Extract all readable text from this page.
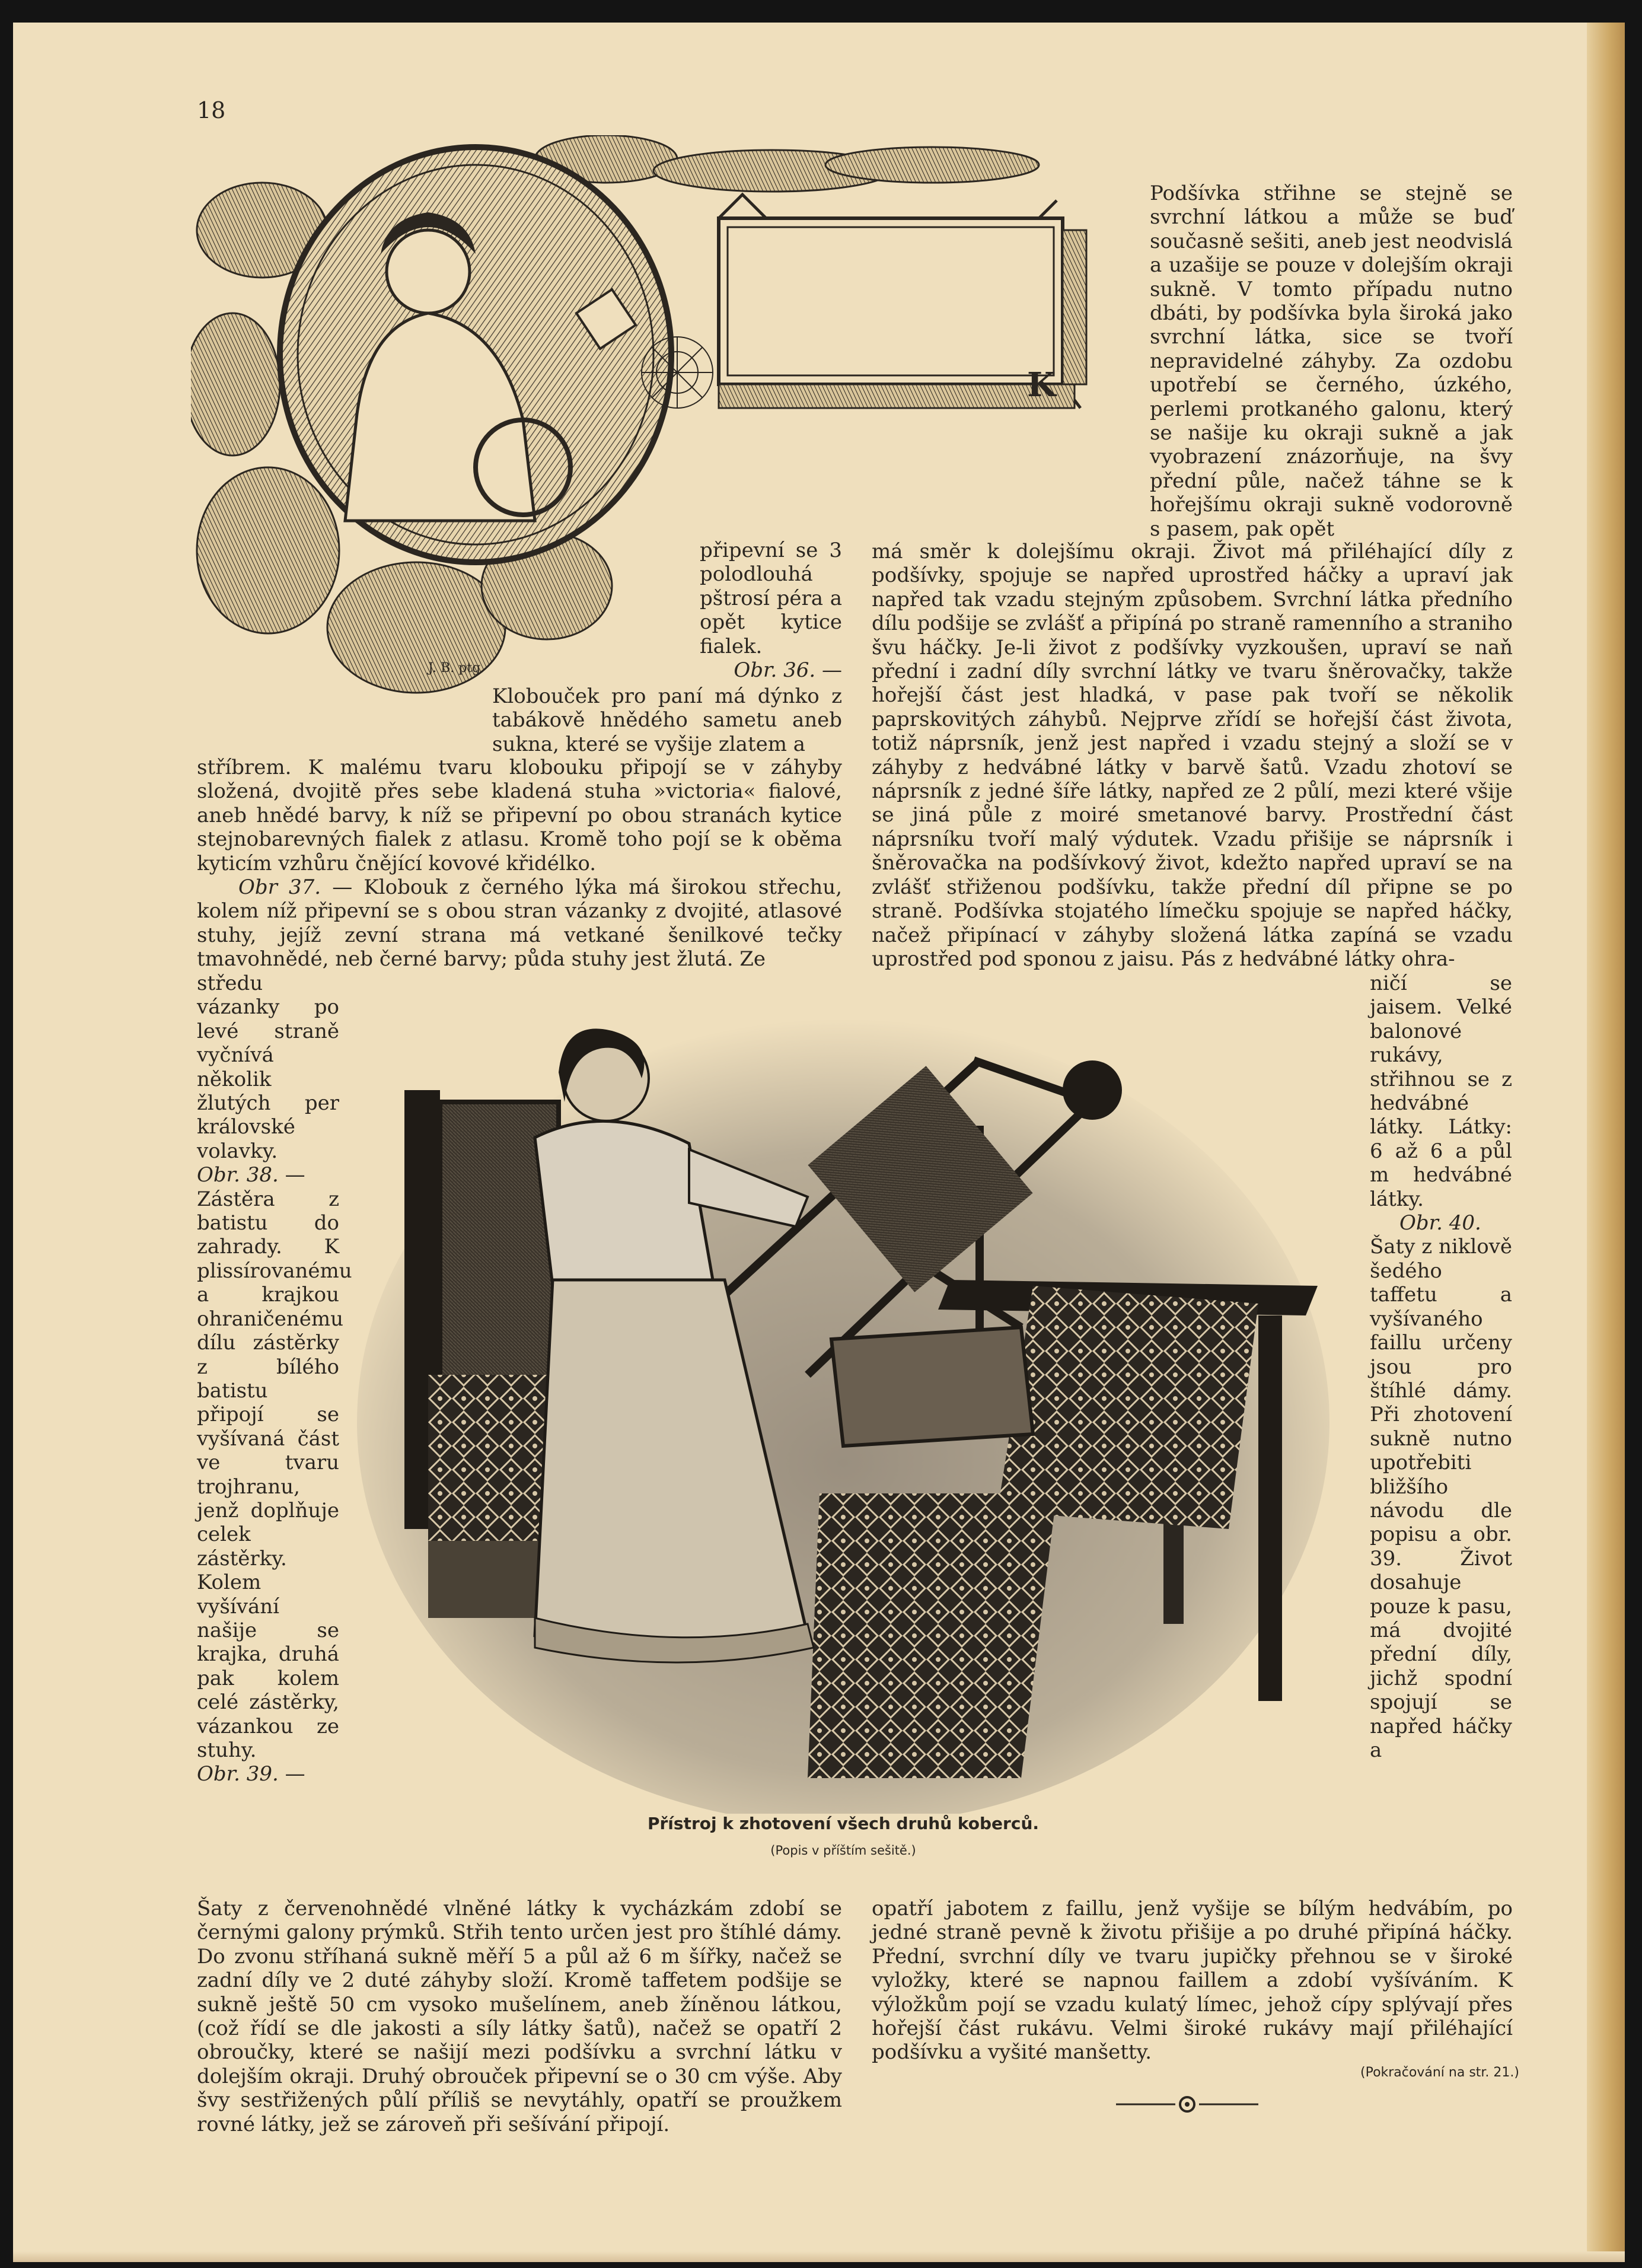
18
K
J. B. ptg

Podšívka střihne se stejně se svrchní látkou a může se buď současně sešiti, aneb jest neodvislá a uzašije se pouze v dolejším okraji sukně. V tomto případu nutno dbáti, by podšívka byla široká jako svrchní látka, sice se tvoří nepravidelné záhyby. Za ozdobu upotřebí se černého, úzkého, perlemi protkaného galonu, který se našije ku okraji sukně a jak vyobrazení znázorňuje, na švy přední půle, načež táhne se k hořejšímu okraji sukně vodorovně s pasem, pak opět

připevní se 3 polodlouhá pštrosí péra a opět kytice fialek.

Obr. 36. —

Klobouček pro paní má dýnko z tabákově hnědého sametu aneb sukna, které se vyšije zlatem a

má směr k dolejšímu okraji. Život má přiléhající díly z podšívky, spojuje se napřed uprostřed háčky a upraví jak napřed tak vzadu stejným způsobem. Svrchní látka předního dílu podšije se zvlášť a připíná po straně ramenního a straniho švu háčky. Je-li život z podšívky vyzkoušen, upraví se naň přední i zadní díly svrchní látky ve tvaru šněrovačky, takže hořejší část jest hladká, v pase pak tvoří se několik paprskovitých záhybů. Nejprve zřídí se hořejší část života, totiž náprsník, jenž jest napřed i vzadu stejný a složí se v záhyby z hedvábné látky v barvě šatů. Vzadu zhotoví se náprsník z jedné šíře látky, napřed ze 2 půlí, mezi které všije se jiná půle z moiré smetanové barvy. Prostřední část náprsníku tvoří malý výdutek. Vzadu přišije se náprsník i šněrovačka na podšívkový život, kdežto napřed upraví se na zvlášť střiženou podšívku, takže přední díl připne se po straně. Podšívka stojatého límečku spojuje se napřed háčky, načež připínací v záhyby složená látka zapíná se vzadu uprostřed pod sponou z jaisu. Pás z hedvábné látky ohra-

stříbrem. K malému tvaru klobouku připojí se v záhyby složená, dvojitě přes sebe kladená stuha »victoria« fialové, aneb hnědé barvy, k níž se připevní po obou stranách kytice stejnobarevných fialek z atlasu. Kromě toho pojí se k oběma kyticím vzhůru čnějící kovové křidélko.

Obr 37. — Klobouk z černého lýka má širokou střechu, kolem níž připevní se s obou stran vázanky z dvojité, atlasové stuhy, jejíž zevní strana má vetkané šenilkové tečky tmavohnědé, neb černé barvy; půda stuhy jest žlutá. Ze

středu vázanky po levé straně vyčnívá několik žlutých per královské volavky.

Obr. 38. —

Zástěra z batistu do zahrady. K plissírovanému a krajkou ohraničenému dílu zástěrky z bílého batistu připojí se vyšívaná část ve tvaru trojhranu, jenž doplňuje celek zástěrky. Kolem vyšívání našije se krajka, druhá pak kolem celé zástěrky, vázankou ze stuhy.

Obr. 39. —

ničí se jaisem. Velké balonové rukávy, střihnou se z hedvábné látky. Látky: 6 až 6 a půl m hedvábné látky.

Obr. 40.

Šaty z niklově šedého taffetu a vyšívaného faillu určeny jsou pro štíhlé dámy. Při zhotovení sukně nutno upotřebiti bližšího návodu dle popisu a obr. 39. Život dosahuje pouze k pasu, má dvojité přední díly, jichž spodní spojují se napřed háčky a

Přístroj k zhotovení všech druhů koberců.
(Popis v příštím sešitě.)

Šaty z červenohnědé vlněné látky k vycházkám zdobí se černými galony prýmků. Střih tento určen jest pro štíhlé dámy. Do zvonu stříhaná sukně měří 5 a půl až 6 m šířky, načež se zadní díly ve 2 duté záhyby složí. Kromě taffetem podšije se sukně ještě 50 cm vysoko mušelínem, aneb žíněnou látkou, (což řídí se dle jakosti a síly látky šatů), načež se opatří 2 obroučky, které se našijí mezi podšívku a svrchní látku v dolejším okraji. Druhý obrouček připevní se o 30 cm výše. Aby švy sestřižených půlí příliš se nevytáhly, opatří se proužkem rovné látky, jež se zároveň při sešívání připojí.

opatří jabotem z faillu, jenž vyšije se bílým hedvábím, po jedné straně pevně k životu přišije a po druhé připíná háčky. Přední, svrchní díly ve tvaru jupičky přehnou se v široké vyložky, které se napnou faillem a zdobí vyšíváním. K výložkům pojí se vzadu kulatý límec, jehož cípy splývají přes hořejší část rukávu. Velmi široké rukávy mají přiléhající podšívku a vyšité manšetty.

(Pokračování na str. 21.)
